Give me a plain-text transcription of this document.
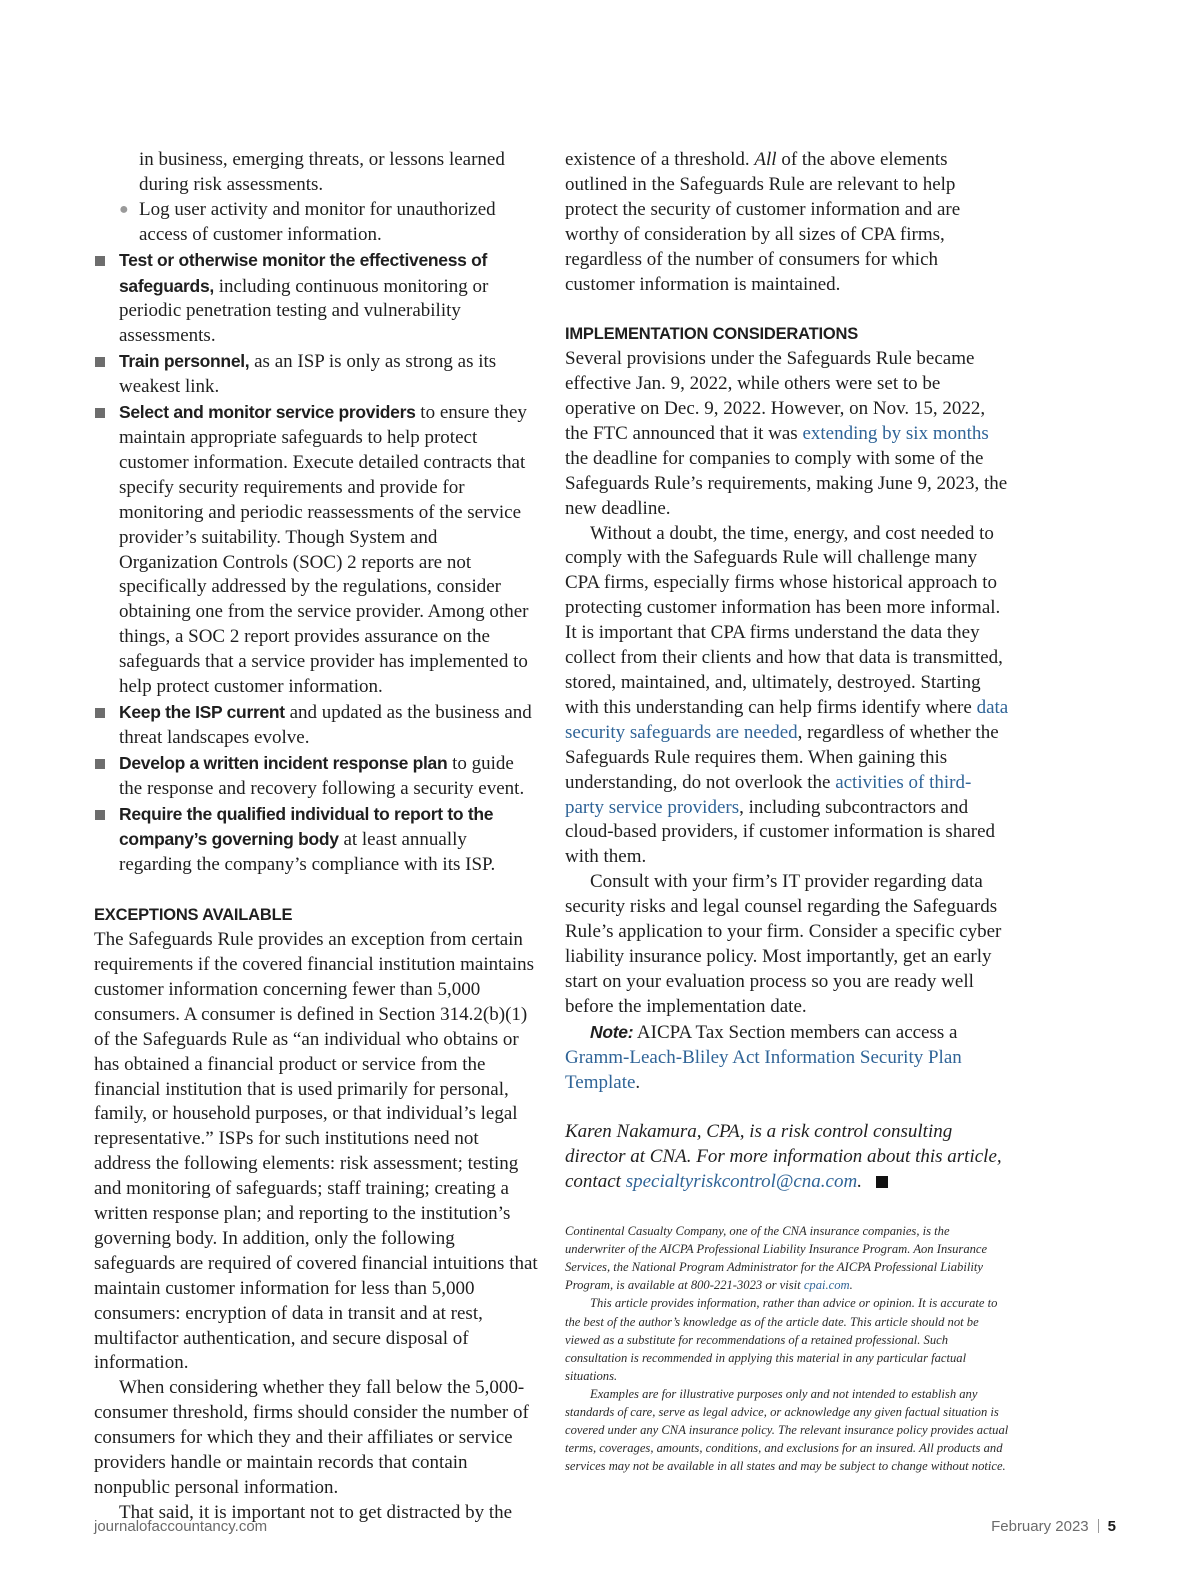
in business, emerging threats, or lessons learned during risk assessments.
● Log user activity and monitor for unauthorized access of customer information.
Test or otherwise monitor the effectiveness of safeguards, including continuous monitoring or periodic penetration testing and vulnerability assessments.
Train personnel, as an ISP is only as strong as its weakest link.
Select and monitor service providers to ensure they maintain appropriate safeguards to help protect customer information. Execute detailed contracts that specify security requirements and provide for monitoring and periodic reassessments of the service provider’s suitability. Though System and Organization Controls (SOC) 2 reports are not specifically addressed by the regulations, consider obtaining one from the service provider. Among other things, a SOC 2 report provides assurance on the safeguards that a service provider has implemented to help protect customer information.
Keep the ISP current and updated as the business and threat landscapes evolve.
Develop a written incident response plan to guide the response and recovery following a security event.
Require the qualified individual to report to the company’s governing body at least annually regarding the company’s compliance with its ISP.
EXCEPTIONS AVAILABLE

The Safeguards Rule provides an exception from certain requirements if the covered financial institution maintains customer information concerning fewer than 5,000 consumers. A consumer is defined in Section 314.2(b)(1) of the Safeguards Rule as “an individual who obtains or has obtained a financial product or service from the financial institution that is used primarily for personal, family, or household purposes, or that individual’s legal representative.” ISPs for such institutions need not address the following elements: risk assessment; testing and monitoring of safeguards; staff training; creating a written response plan; and reporting to the institution’s governing body. In addition, only the following safeguards are required of covered financial intuitions that maintain customer information for less than 5,000 consumers: encryption of data in transit and at rest, multifactor authentication, and secure disposal of information.

When considering whether they fall below the 5,000-consumer threshold, firms should consider the number of consumers for which they and their affiliates or service providers handle or maintain records that contain nonpublic personal information.

That said, it is important not to get distracted by the

existence of a threshold. All of the above elements outlined in the Safeguards Rule are relevant to help protect the security of customer information and are worthy of consideration by all sizes of CPA firms, regardless of the number of consumers for which customer information is maintained.

IMPLEMENTATION CONSIDERATIONS

Several provisions under the Safeguards Rule became effective Jan. 9, 2022, while others were set to be operative on Dec. 9, 2022. However, on Nov. 15, 2022, the FTC announced that it was extending by six months the deadline for companies to comply with some of the Safeguards Rule’s requirements, making June 9, 2023, the new deadline.

Without a doubt, the time, energy, and cost needed to comply with the Safeguards Rule will challenge many CPA firms, especially firms whose historical approach to protecting customer information has been more informal. It is important that CPA firms understand the data they collect from their clients and how that data is transmitted, stored, maintained, and, ultimately, destroyed. Starting with this understanding can help firms identify where data security safeguards are needed, regardless of whether the Safeguards Rule requires them. When gaining this understanding, do not overlook the activities of third-party service providers, including subcontractors and cloud-based providers, if customer information is shared with them.

Consult with your firm’s IT provider regarding data security risks and legal counsel regarding the Safeguards Rule’s application to your firm. Consider a specific cyber liability insurance policy. Most importantly, get an early start on your evaluation process so you are ready well before the implementation date.

Note: AICPA Tax Section members can access a Gramm-Leach-Bliley Act Information Security Plan Template.

Karen Nakamura, CPA, is a risk control consulting director at CNA. For more information about this article, contact specialtyriskcontrol@cna.com.

Continental Casualty Company, one of the CNA insurance companies, is the underwriter of the AICPA Professional Liability Insurance Program. Aon Insurance Services, the National Program Administrator for the AICPA Professional Liability Program, is available at 800-221-3023 or visit cpai.com.

This article provides information, rather than advice or opinion. It is accurate to the best of the author’s knowledge as of the article date. This article should not be viewed as a substitute for recommendations of a retained professional. Such consultation is recommended in applying this material in any particular factual situations.

Examples are for illustrative purposes only and not intended to establish any standards of care, serve as legal advice, or acknowledge any given factual situation is covered under any CNA insurance policy. The relevant insurance policy provides actual terms, coverages, amounts, conditions, and exclusions for an insured. All products and services may not be available in all states and may be subject to change without notice.

journalofaccountancy.com	February 2023 5
